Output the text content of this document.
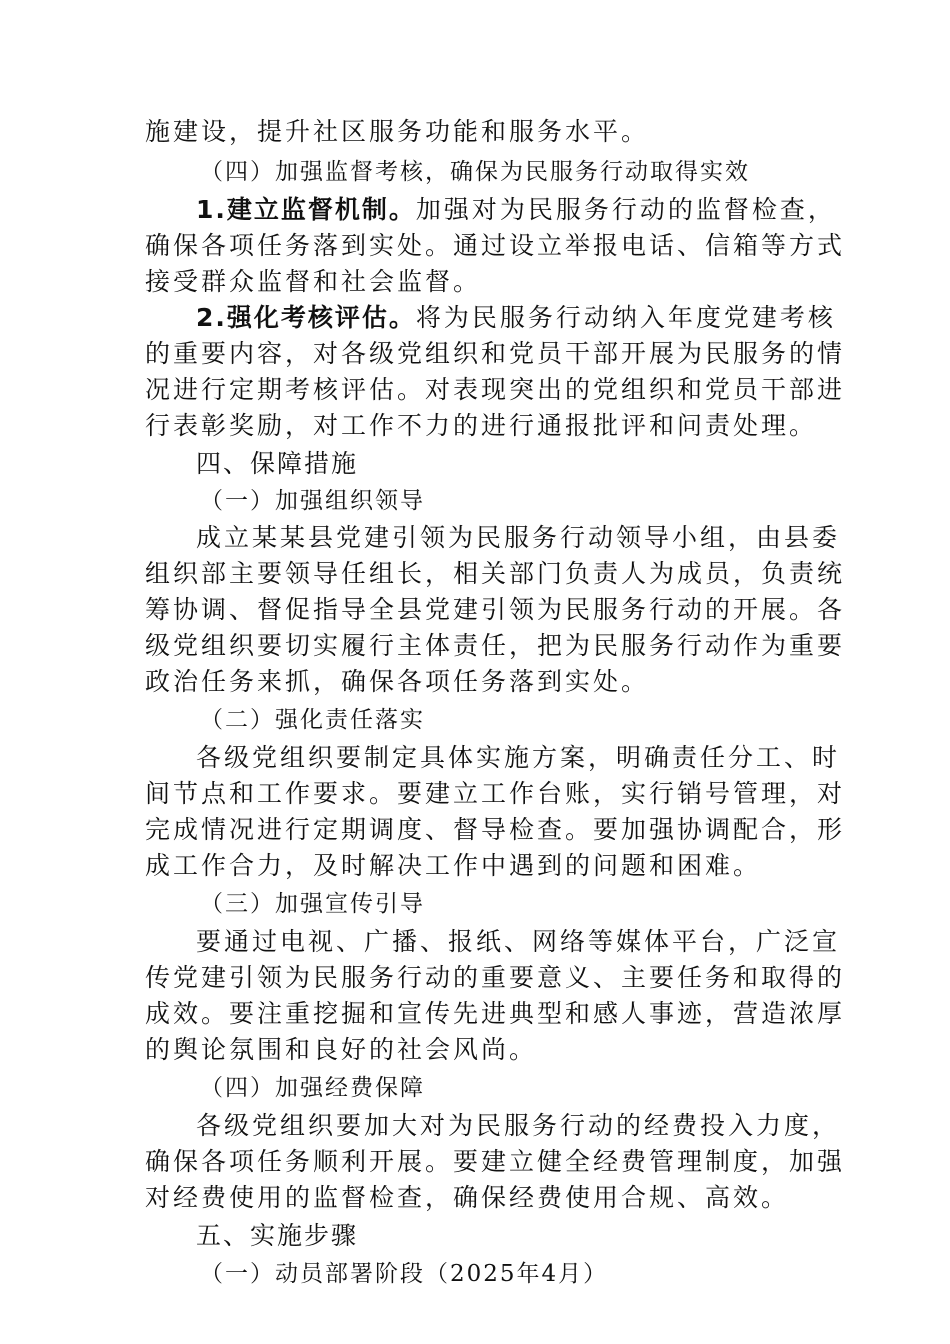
施建设，提升社区服务功能和服务水平。
（四）加强监督考核，确保为民服务行动取得实效
1.建立监督机制。加强对为民服务行动的监督检查，
确保各项任务落到实处。通过设立举报电话、信箱等方式
接受群众监督和社会监督。
2.强化考核评估。将为民服务行动纳入年度党建考核
的重要内容，对各级党组织和党员干部开展为民服务的情
况进行定期考核评估。对表现突出的党组织和党员干部进
行表彰奖励，对工作不力的进行通报批评和问责处理。
四、保障措施
（一）加强组织领导
成立某某县党建引领为民服务行动领导小组，由县委
组织部主要领导任组长，相关部门负责人为成员，负责统
筹协调、督促指导全县党建引领为民服务行动的开展。各
级党组织要切实履行主体责任，把为民服务行动作为重要
政治任务来抓，确保各项任务落到实处。
（二）强化责任落实
各级党组织要制定具体实施方案，明确责任分工、时
间节点和工作要求。要建立工作台账，实行销号管理，对
完成情况进行定期调度、督导检查。要加强协调配合，形
成工作合力，及时解决工作中遇到的问题和困难。
（三）加强宣传引导
要通过电视、广播、报纸、网络等媒体平台，广泛宣
传党建引领为民服务行动的重要意义、主要任务和取得的
成效。要注重挖掘和宣传先进典型和感人事迹，营造浓厚
的舆论氛围和良好的社会风尚。
（四）加强经费保障
各级党组织要加大对为民服务行动的经费投入力度，
确保各项任务顺利开展。要建立健全经费管理制度，加强
对经费使用的监督检查，确保经费使用合规、高效。
五、实施步骤
（一）动员部署阶段（2025年4月）
